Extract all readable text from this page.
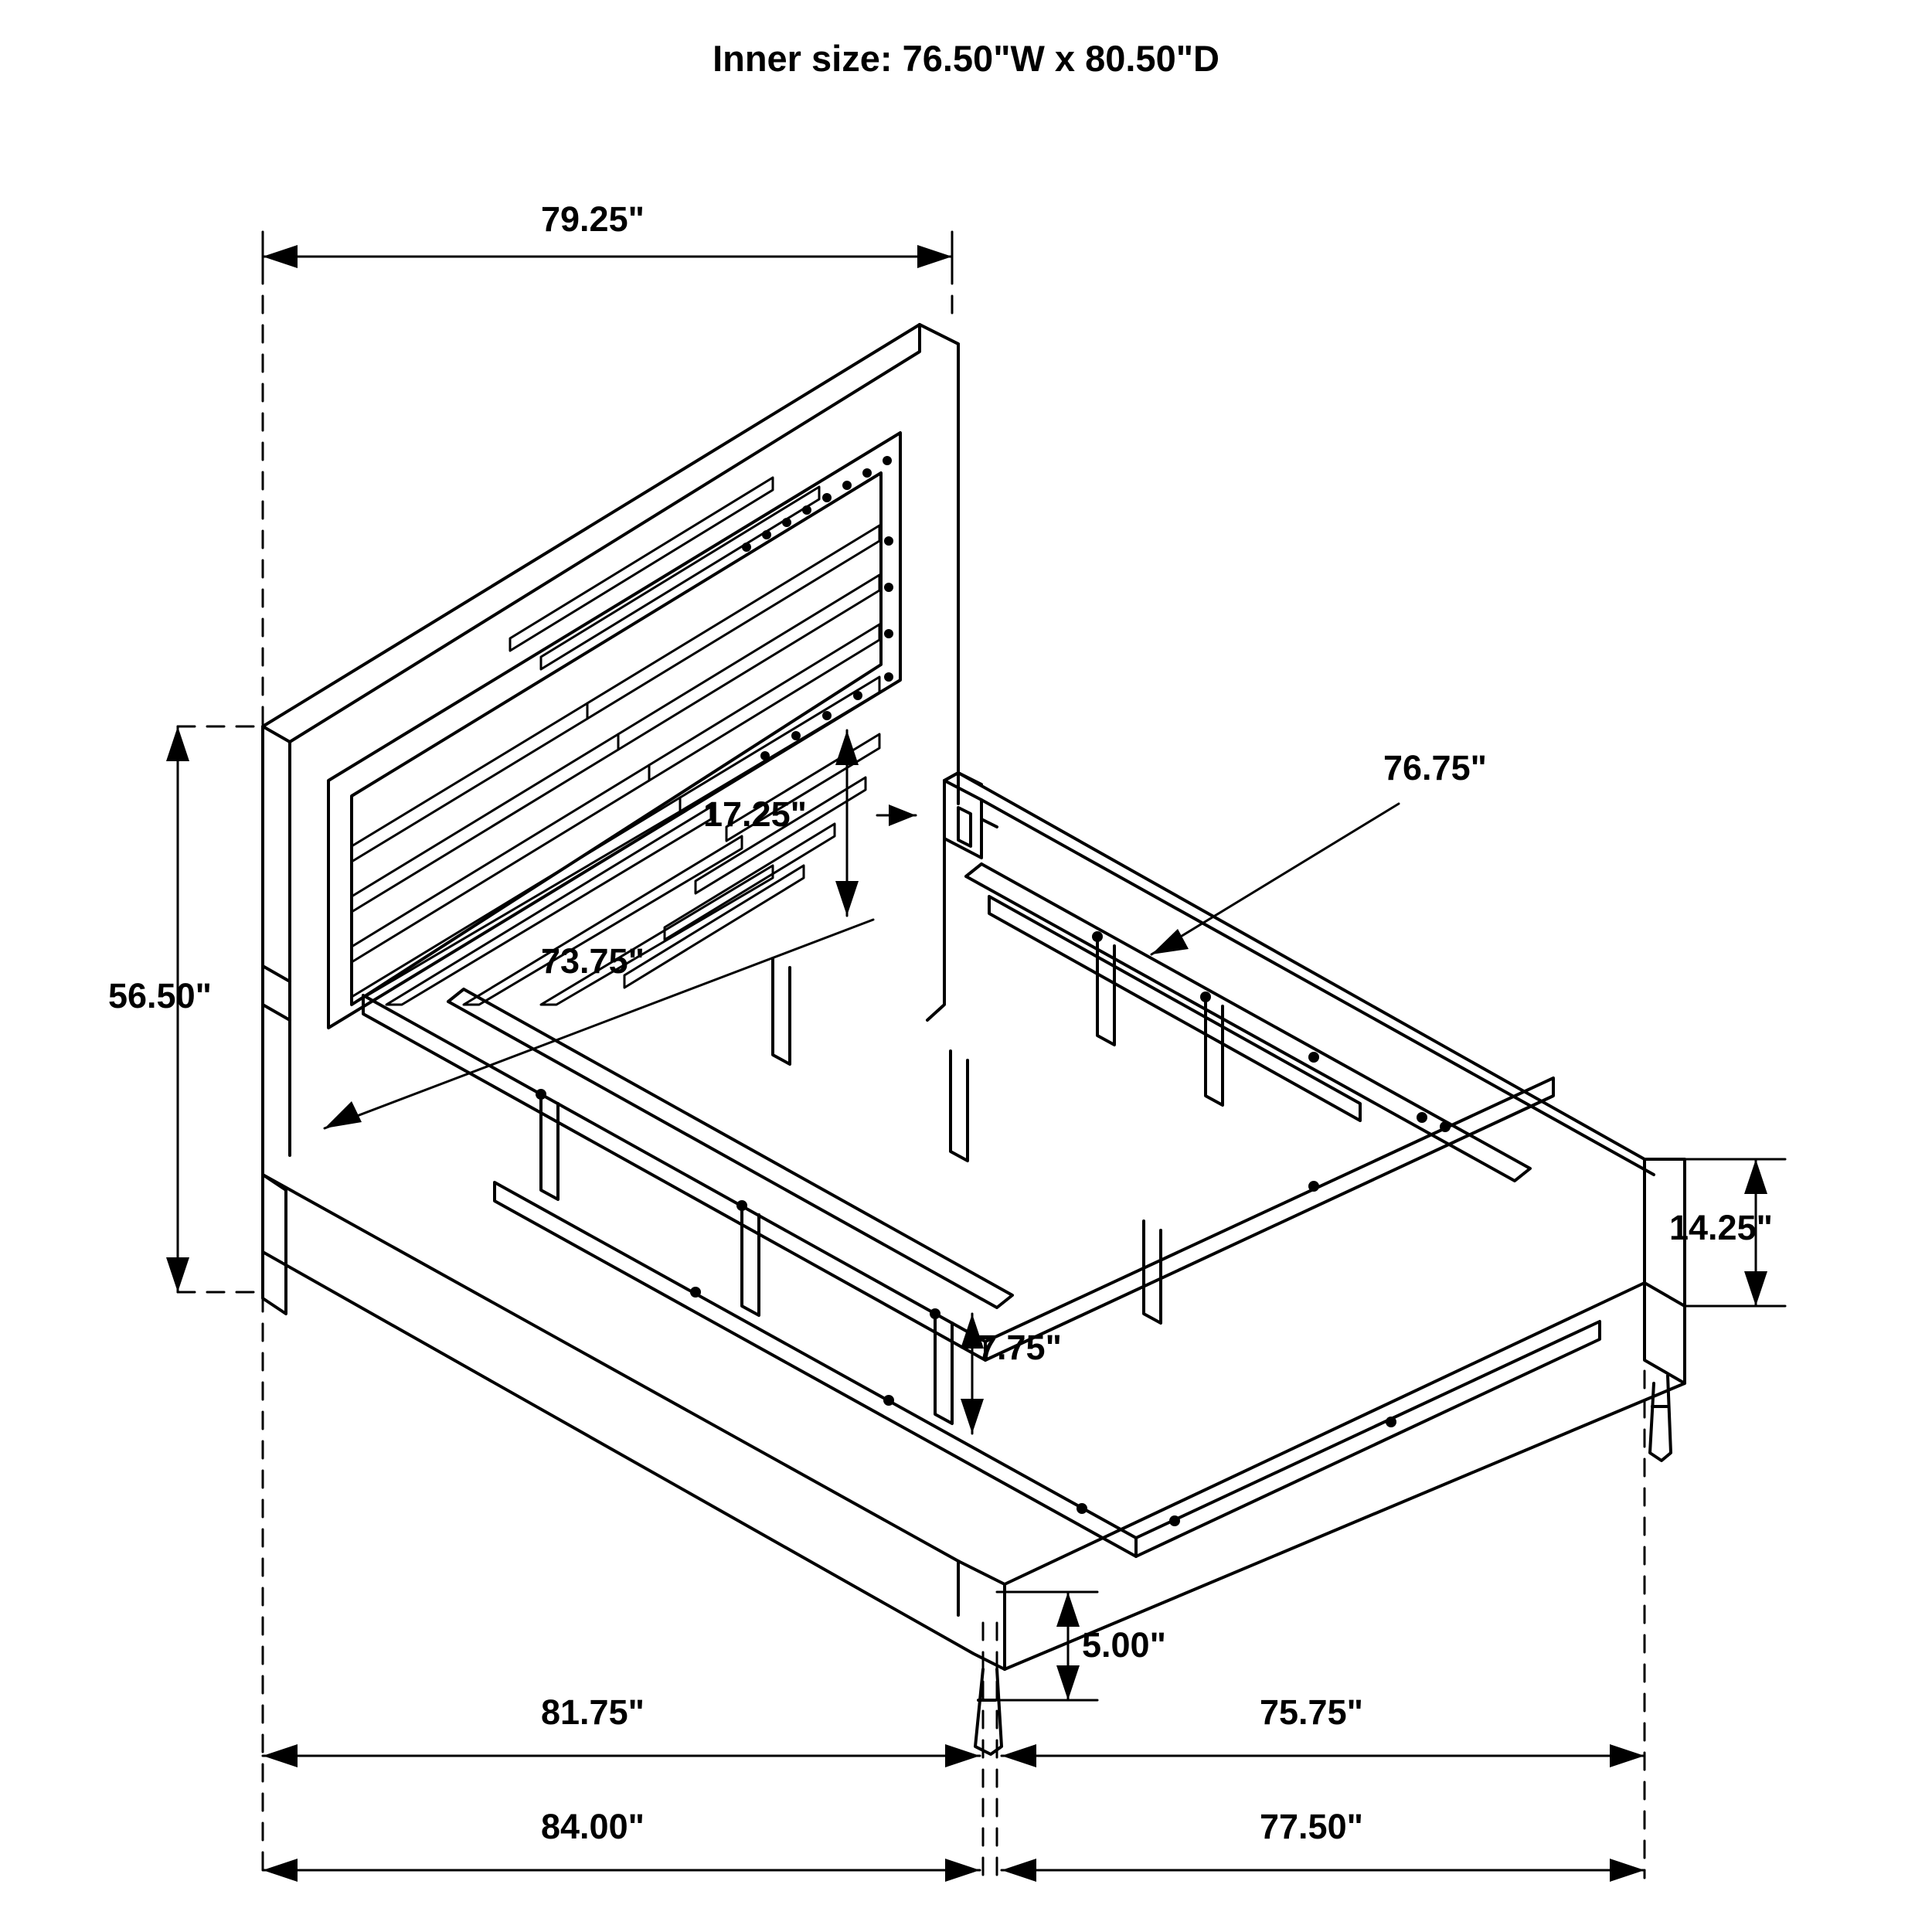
Inner size: 76.50"W x 80.50"D
79.25"
56.50"
17.25"
73.75"
76.75"
14.25"
7.75"
5.00"
81.75"	75.75"
84.00"	77.50"
